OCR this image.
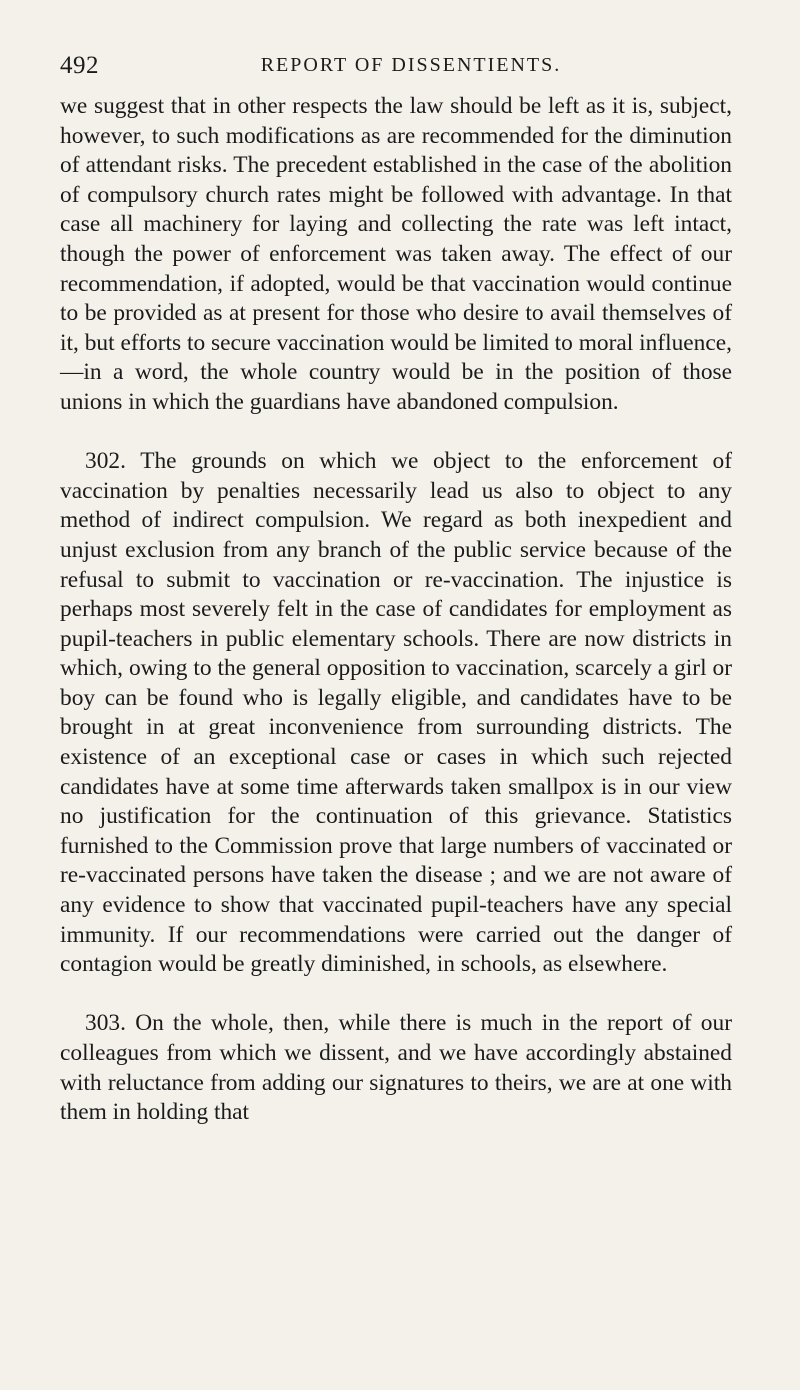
492	REPORT OF DISSENTIENTS.

we suggest that in other respects the law should be left as it is, subject, however, to such modifications as are recommended for the diminution of attendant risks. The precedent established in the case of the abolition of compulsory church rates might be followed with advantage. In that case all machinery for laying and collecting the rate was left intact, though the power of enforcement was taken away. The effect of our recommendation, if adopted, would be that vaccination would continue to be provided as at present for those who desire to avail themselves of it, but efforts to secure vaccination would be limited to moral influence,—in a word, the whole country would be in the position of those unions in which the guardians have abandoned compulsion.

302. The grounds on which we object to the enforcement of vaccination by penalties necessarily lead us also to object to any method of indirect compulsion. We regard as both inexpedient and unjust exclusion from any branch of the public service because of the refusal to submit to vaccination or re-vaccination. The injustice is perhaps most severely felt in the case of candidates for employment as pupil-teachers in public elementary schools. There are now districts in which, owing to the general opposition to vaccination, scarcely a girl or boy can be found who is legally eligible, and candidates have to be brought in at great inconvenience from surrounding districts. The existence of an exceptional case or cases in which such rejected candidates have at some time afterwards taken smallpox is in our view no justification for the continuation of this grievance. Statistics furnished to the Commission prove that large numbers of vaccinated or re-vaccinated persons have taken the disease ; and we are not aware of any evidence to show that vaccinated pupil-teachers have any special immunity. If our recommendations were carried out the danger of contagion would be greatly diminished, in schools, as elsewhere.

303. On the whole, then, while there is much in the report of our colleagues from which we dissent, and we have accordingly abstained with reluctance from adding our signatures to theirs, we are at one with them in holding that
